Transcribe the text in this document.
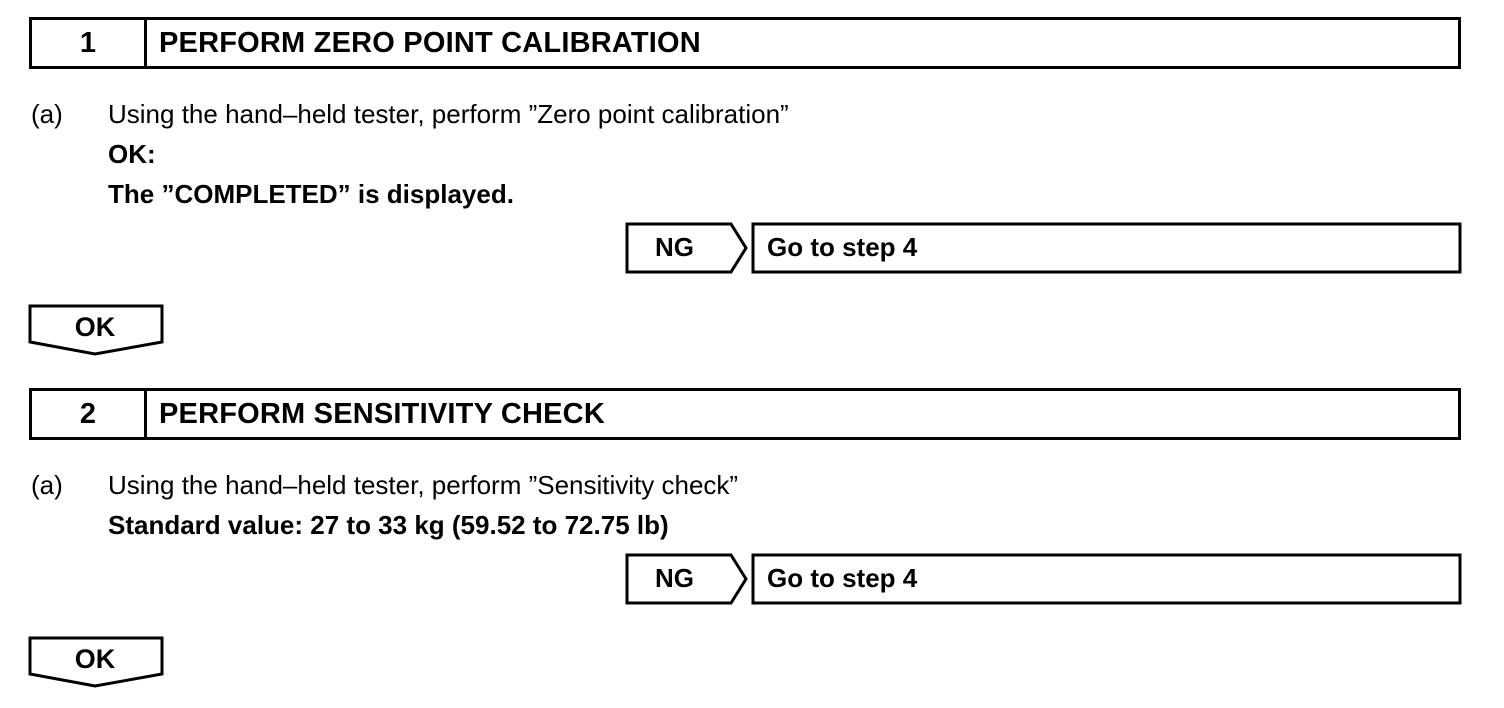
1	PERFORM ZERO POINT CALIBRATION
(a) Using the hand–held tester, perform ”Zero point calibration”
OK:
The ”COMPLETED” is displayed.
NG	Go to step 4
OK
2	PERFORM SENSITIVITY CHECK
(a) Using the hand–held tester, perform ”Sensitivity check”
Standard value: 27 to 33 kg (59.52 to 72.75 lb)
NG	Go to step 4
OK
